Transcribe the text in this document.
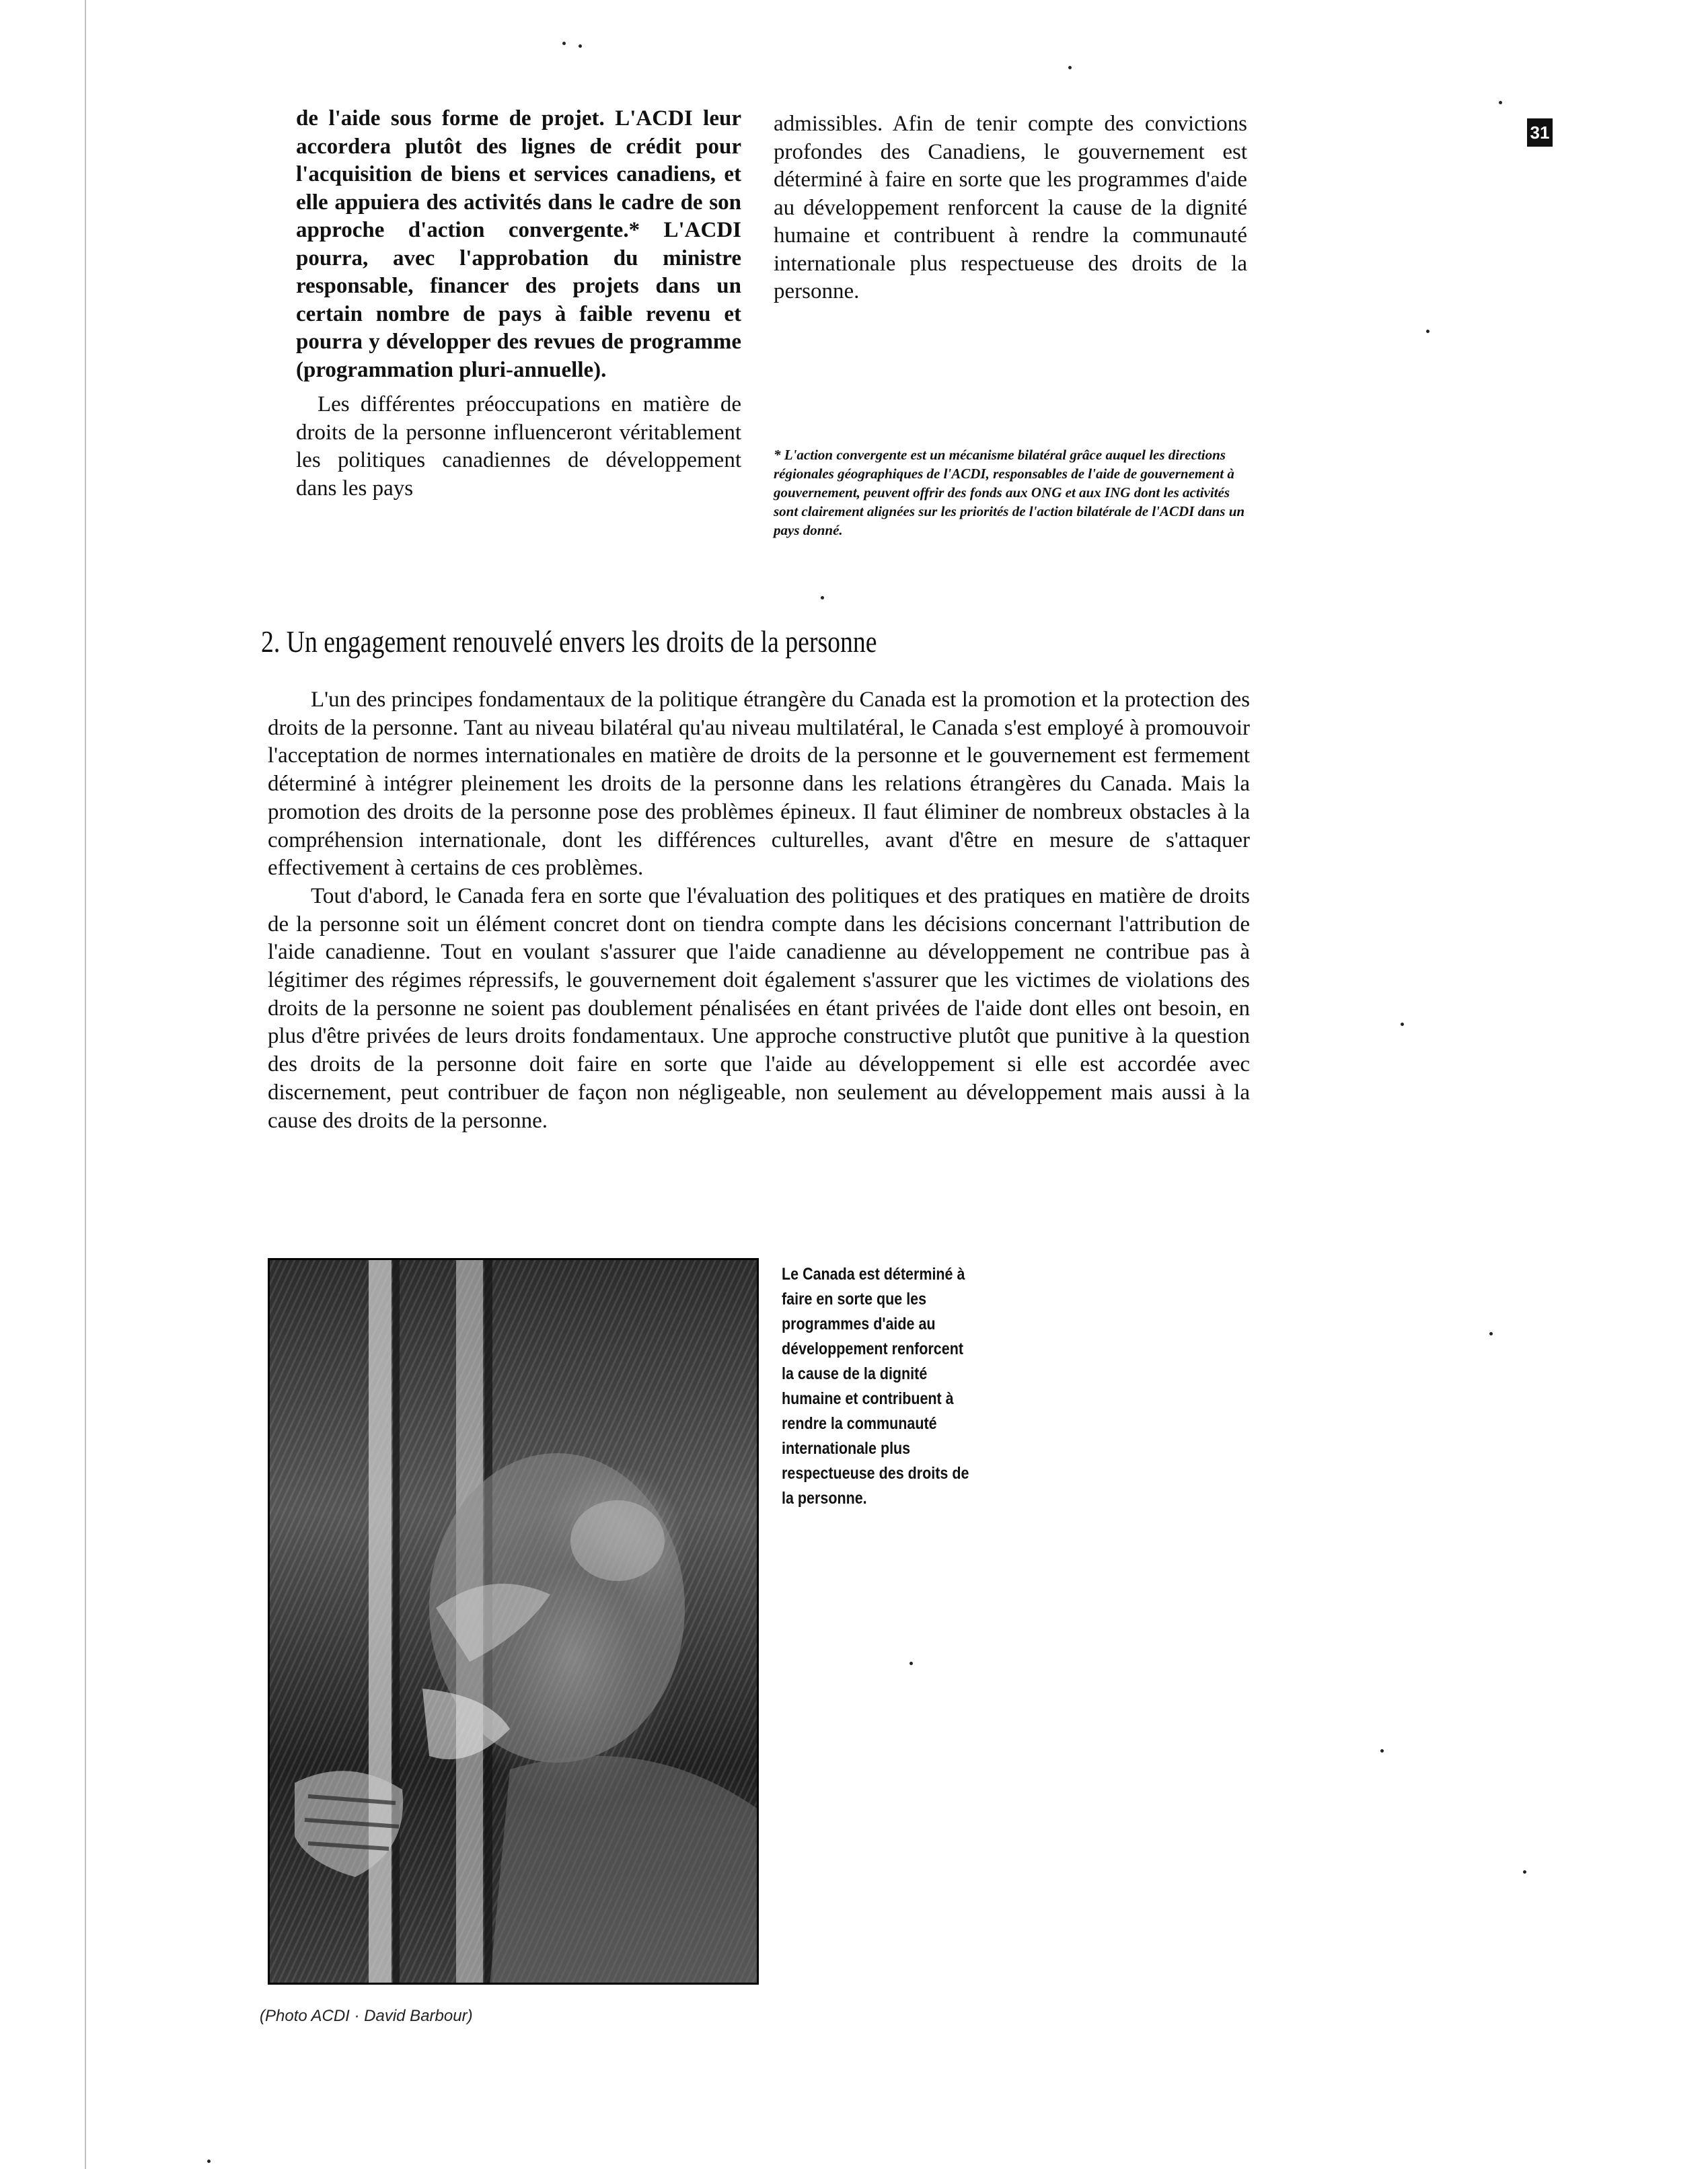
31

de l'aide sous forme de projet. L'ACDI leur accordera plutôt des lignes de crédit pour l'acquisition de biens et services canadiens, et elle appuiera des activités dans le cadre de son approche d'action convergente.* L'ACDI pourra, avec l'approbation du ministre responsable, financer des projets dans un certain nombre de pays à faible revenu et pourra y développer des revues de programme (programmation pluri-annuelle).

Les différentes préoccupations en matière de droits de la personne influenceront véritablement les politiques canadiennes de développement dans les pays

admissibles. Afin de tenir compte des convictions profondes des Canadiens, le gouvernement est déterminé à faire en sorte que les programmes d'aide au développement renforcent la cause de la dignité humaine et contribuent à rendre la communauté internationale plus respectueuse des droits de la personne.

* L'action convergente est un mécanisme bilatéral grâce auquel les directions régionales géographiques de l'ACDI, responsables de l'aide de gouvernement à gouvernement, peuvent offrir des fonds aux ONG et aux ING dont les activités sont clairement alignées sur les priorités de l'action bilatérale de l'ACDI dans un pays donné.
2. Un engagement renouvelé envers les droits de la personne

L'un des principes fondamentaux de la politique étrangère du Canada est la promotion et la protection des droits de la personne. Tant au niveau bilatéral qu'au niveau multilatéral, le Canada s'est employé à promouvoir l'acceptation de normes internationales en matière de droits de la personne et le gouvernement est fermement déterminé à intégrer pleinement les droits de la personne dans les relations étrangères du Canada. Mais la promotion des droits de la personne pose des problèmes épineux. Il faut éliminer de nombreux obstacles à la compréhension internationale, dont les différences culturelles, avant d'être en mesure de s'attaquer effectivement à certains de ces problèmes.

Tout d'abord, le Canada fera en sorte que l'évaluation des politiques et des pratiques en matière de droits de la personne soit un élément concret dont on tiendra compte dans les décisions concernant l'attribution de l'aide canadienne. Tout en voulant s'assurer que l'aide canadienne au développement ne contribue pas à légitimer des régimes répressifs, le gouvernement doit également s'assurer que les victimes de violations des droits de la personne ne soient pas doublement pénalisées en étant privées de l'aide dont elles ont besoin, en plus d'être privées de leurs droits fondamentaux. Une approche constructive plutôt que punitive à la question des droits de la personne doit faire en sorte que l'aide au développement si elle est accordée avec discernement, peut contribuer de façon non négligeable, non seulement au développement mais aussi à la cause des droits de la personne.

Le Canada est déterminé à faire en sorte que les programmes d'aide au développement renforcent la cause de la dignité humaine et contribuent à rendre la communauté internationale plus respectueuse des droits de la personne.
(Photo ACDI · David Barbour)
